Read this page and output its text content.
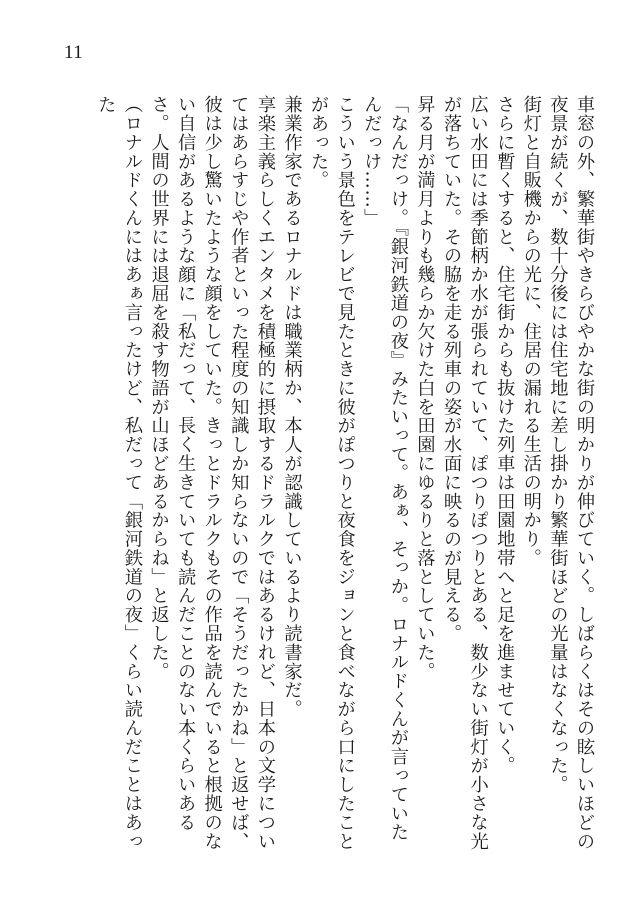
11

車窓の外、繁華街やきらびやかな街の明かりが伸びていく。しばらくはその眩しいほどの夜景が続くが、数十分後には住宅地に差し掛かり繁華街ほどの光量はなくなった。

街灯と自販機からの光に、住居の漏れる生活の明かり。

さらに暫くすると、住宅街からも抜けた列車は田園地帯へと足を進ませていく。

広い水田には季節柄か水が張られていて、ぽつりぽつりとある、数少ない街灯が小さな光が落ちていた。その脇を走る列車の姿が水面に映るのが見える。

昇る月が満月よりも幾らか欠けた白を田園にゆるりと落としていた。

「なんだっけ。『銀河鉄道の夜』みたいって。あぁ、そっか。ロナルドくんが言っていたんだっけ……」

こういう景色をテレビで見たときに彼がぽつりと夜食をジョンと食べながら口にしたことがあった。

兼業作家であるロナルドは職業柄か、本人が認識しているより読書家だ。

享楽主義らしくエンタメを積極的に摂取するドラルクではあるけれど、日本の文学についてはあらすじや作者といった程度の知識しか知らないので「そうだったかね」と返せば、彼は少し驚いたような顔をしていた。きっとドラルクもその作品を読んでいると根拠のない自信があるような顔に「私だって、長く生きていても読んだことのない本くらいあるさ。人間の世界には退屈を殺す物語が山ほどあるからね」と返した。

（ロナルドくんにはあぁ言ったけど、私だって「銀河鉄道の夜」くらい読んだことはあった
